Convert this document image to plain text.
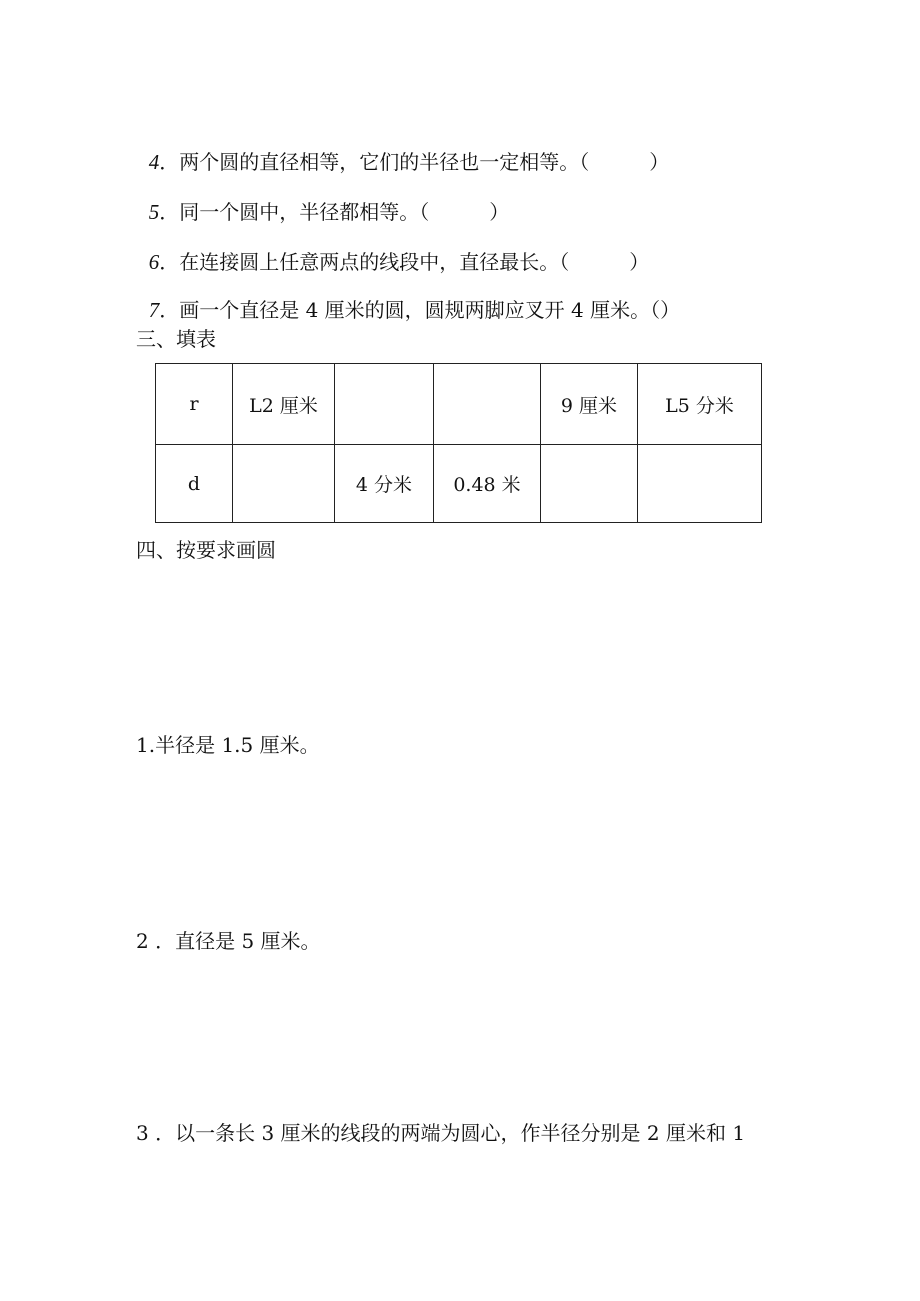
4．两个圆的直径相等，它们的半径也一定相等。（　　　）

5．同一个圆中，半径都相等。（　　　）

6．在连接圆上任意两点的线段中，直径最长。（　　　）

7．画一个直径是 4 厘米的圆，圆规两脚应叉开 4 厘米。（）

三、填表
r	L2 厘米			9 厘米	L5 分米
d		4 分米	0.48 米		
四、按要求画圆
1.半径是 1.5 厘米。
2 ．直径是 5 厘米。
3 ．以一条长 3 厘米的线段的两端为圆心，作半径分别是 2 厘米和 1
